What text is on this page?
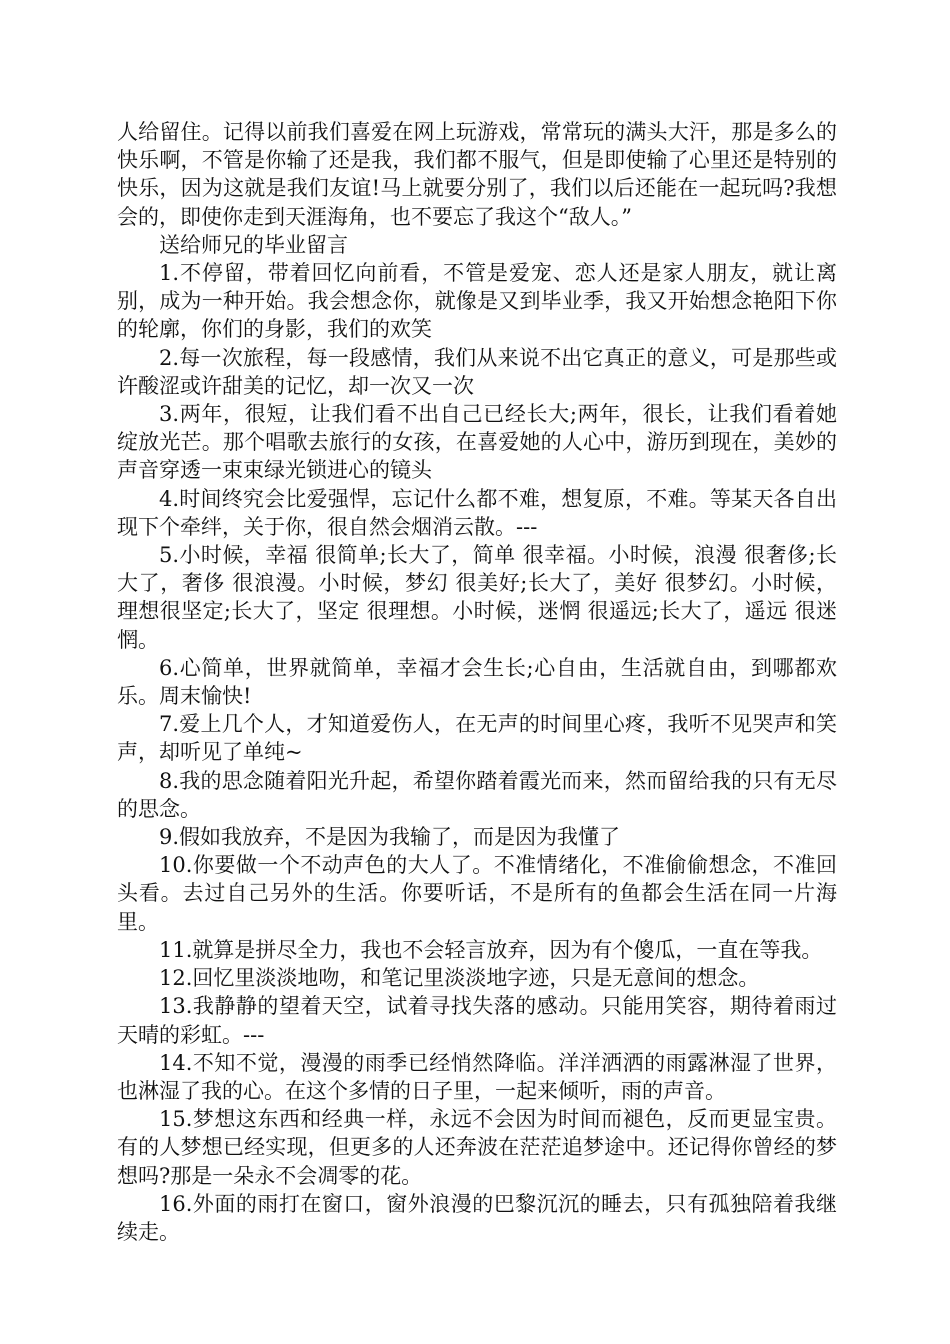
人给留住。记得以前我们喜爱在网上玩游戏，常常玩的满头大汗，那是多么的快乐啊，不管是你输了还是我，我们都不服气，但是即使输了心里还是特别的快乐，因为这就是我们友谊!马上就要分别了，我们以后还能在一起玩吗?我想会的，即使你走到天涯海角，也不要忘了我这个“敌人。”

送给师兄的毕业留言

1.不停留，带着回忆向前看，不管是爱宠、恋人还是家人朋友，就让离别，成为一种开始。我会想念你，就像是又到毕业季，我又开始想念艳阳下你的轮廓，你们的身影，我们的欢笑

2.每一次旅程，每一段感情，我们从来说不出它真正的意义，可是那些或许酸涩或许甜美的记忆，却一次又一次

3.两年，很短，让我们看不出自己已经长大;两年，很长，让我们看着她绽放光芒。那个唱歌去旅行的女孩，在喜爱她的人心中，游历到现在，美妙的声音穿透一束束绿光锁进心的镜头

4.时间终究会比爱强悍，忘记什么都不难，想复原，不难。等某天各自出现下个牵绊，关于你，很自然会烟消云散。---

5.小时候，幸福 很简单;长大了，简单 很幸福。小时候，浪漫 很奢侈;长大了，奢侈 很浪漫。小时候，梦幻 很美好;长大了，美好 很梦幻。小时候，理想很坚定;长大了，坚定 很理想。小时候，迷惘 很遥远;长大了，遥远 很迷惘。

6.心简单，世界就简单，幸福才会生长;心自由，生活就自由，到哪都欢乐。周末愉快!

7.爱上几个人，才知道爱伤人，在无声的时间里心疼，我听不见哭声和笑声，却听见了单纯~

8.我的思念随着阳光升起，希望你踏着霞光而来，然而留给我的只有无尽的思念。

9.假如我放弃，不是因为我输了，而是因为我懂了

10.你要做一个不动声色的大人了。不准情绪化，不准偷偷想念，不准回头看。去过自己另外的生活。你要听话，不是所有的鱼都会生活在同一片海里。

11.就算是拼尽全力，我也不会轻言放弃，因为有个傻瓜，一直在等我。

12.回忆里淡淡地吻，和笔记里淡淡地字迹，只是无意间的想念。

13.我静静的望着天空，试着寻找失落的感动。只能用笑容，期待着雨过天晴的彩虹。---

14.不知不觉，漫漫的雨季已经悄然降临。洋洋洒洒的雨露淋湿了世界，也淋湿了我的心。在这个多情的日子里，一起来倾听，雨的声音。

15.梦想这东西和经典一样，永远不会因为时间而褪色，反而更显宝贵。有的人梦想已经实现，但更多的人还奔波在茫茫追梦途中。还记得你曾经的梦想吗?那是一朵永不会凋零的花。

16.外面的雨打在窗口，窗外浪漫的巴黎沉沉的睡去，只有孤独陪着我继续走。
